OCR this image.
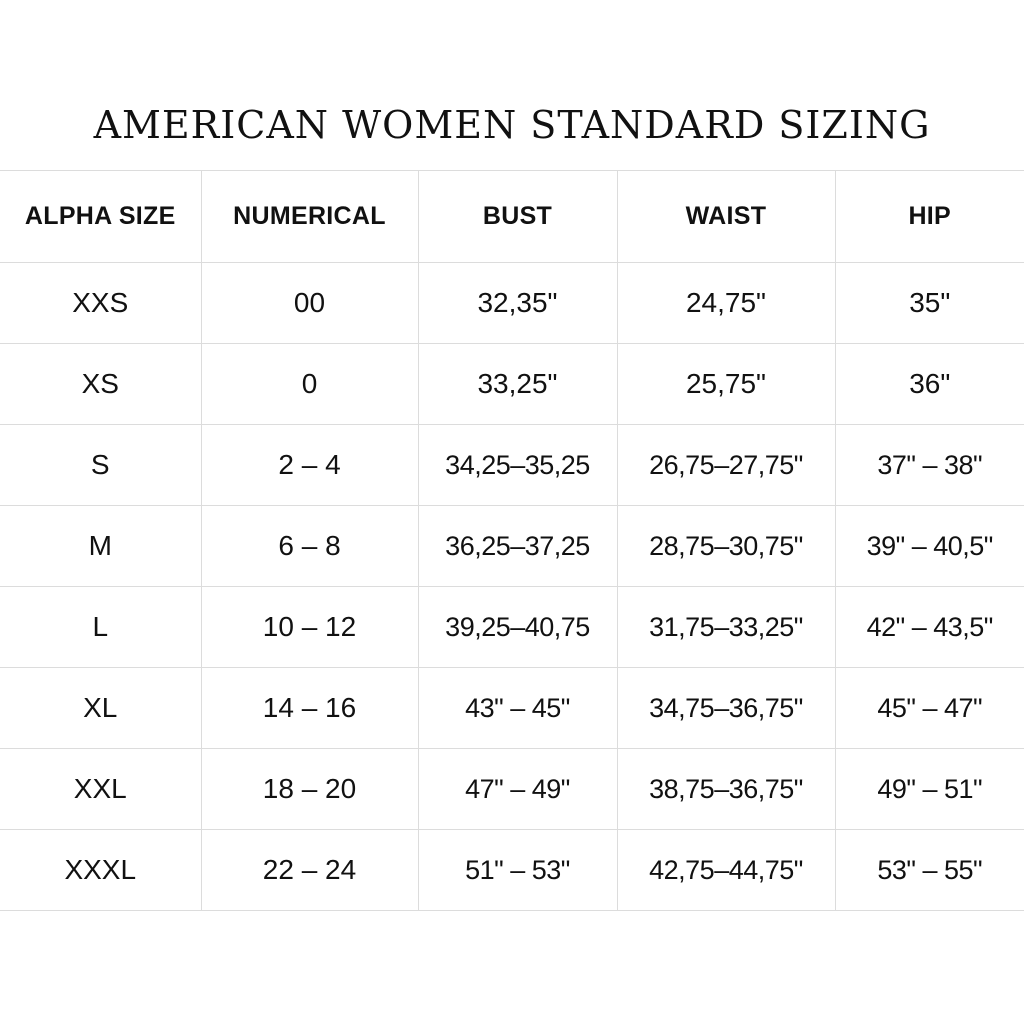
AMERICAN WOMEN STANDARD SIZING
ALPHA SIZE	NUMERICAL	BUST	WAIST	HIP
XXS	00	32,35"	24,75"	35"
XS	0	33,25"	25,75"	36"
S	2 – 4	34,25–35,25	26,75–27,75"	37" – 38"
M	6 – 8	36,25–37,25	28,75–30,75"	39" – 40,5"
L	10 – 12	39,25–40,75	31,75–33,25"	42" – 43,5"
XL	14 – 16	43" – 45"	34,75–36,75"	45" – 47"
XXL	18 – 20	47" – 49"	38,75–36,75"	49" – 51"
XXXL	22 – 24	51" – 53"	42,75–44,75"	53" – 55"
